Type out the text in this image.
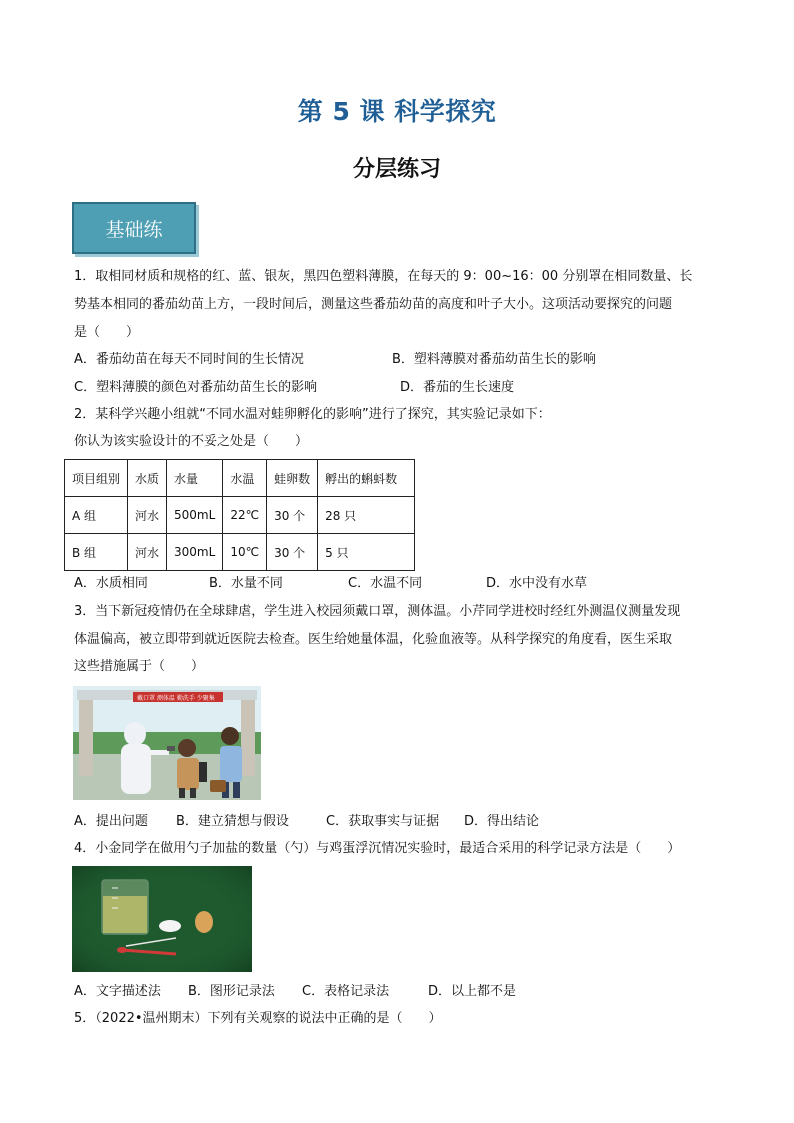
第 5 课 科学探究
分层练习
基础练
1．取相同材质和规格的红、蓝、银灰，黑四色塑料薄膜，在每天的 9：00~16：00 分别罩在相同数量、长
势基本相同的番茄幼苗上方，一段时间后，测量这些番茄幼苗的高度和叶子大小。这项活动要探究的问题
是（　　）
A．番茄幼苗在每天不同时间的生长情况	B．塑料薄膜对番茄幼苗生长的影响
C．塑料薄膜的颜色对番茄幼苗生长的影响	D．番茄的生长速度
2．某科学兴趣小组就“不同水温对蛙卵孵化的影响”进行了探究，其实验记录如下：
你认为该实验设计的不妥之处是（　　）
项目组别	水质	水量	水温	蛙卵数	孵出的蝌蚪数
A 组	河水	500mL	22℃	30 个	28 只
B 组	河水	300mL	10℃	30 个	5 只
A．水质相同	B．水量不同	C．水温不同	D．水中没有水草
3．当下新冠疫情仍在全球肆虐，学生进入校园须戴口罩，测体温。小芹同学进校时经红外测温仪测量发现
体温偏高，被立即带到就近医院去检查。医生给她量体温，化验血液等。从科学探究的角度看，医生采取
这些措施属于（　　）
戴口罩 测体温 勤洗手 少聚集
A．提出问题 B．建立猜想与假设	C．获取事实与证据 D．得出结论
4．小金同学在做用勺子加盐的数量（勺）与鸡蛋浮沉情况实验时，最适合采用的科学记录方法是（　　）
A．文字描述法 B．图形记录法 C．表格记录法	D．以上都不是
5．（2022•温州期末）下列有关观察的说法中正确的是（　　）
